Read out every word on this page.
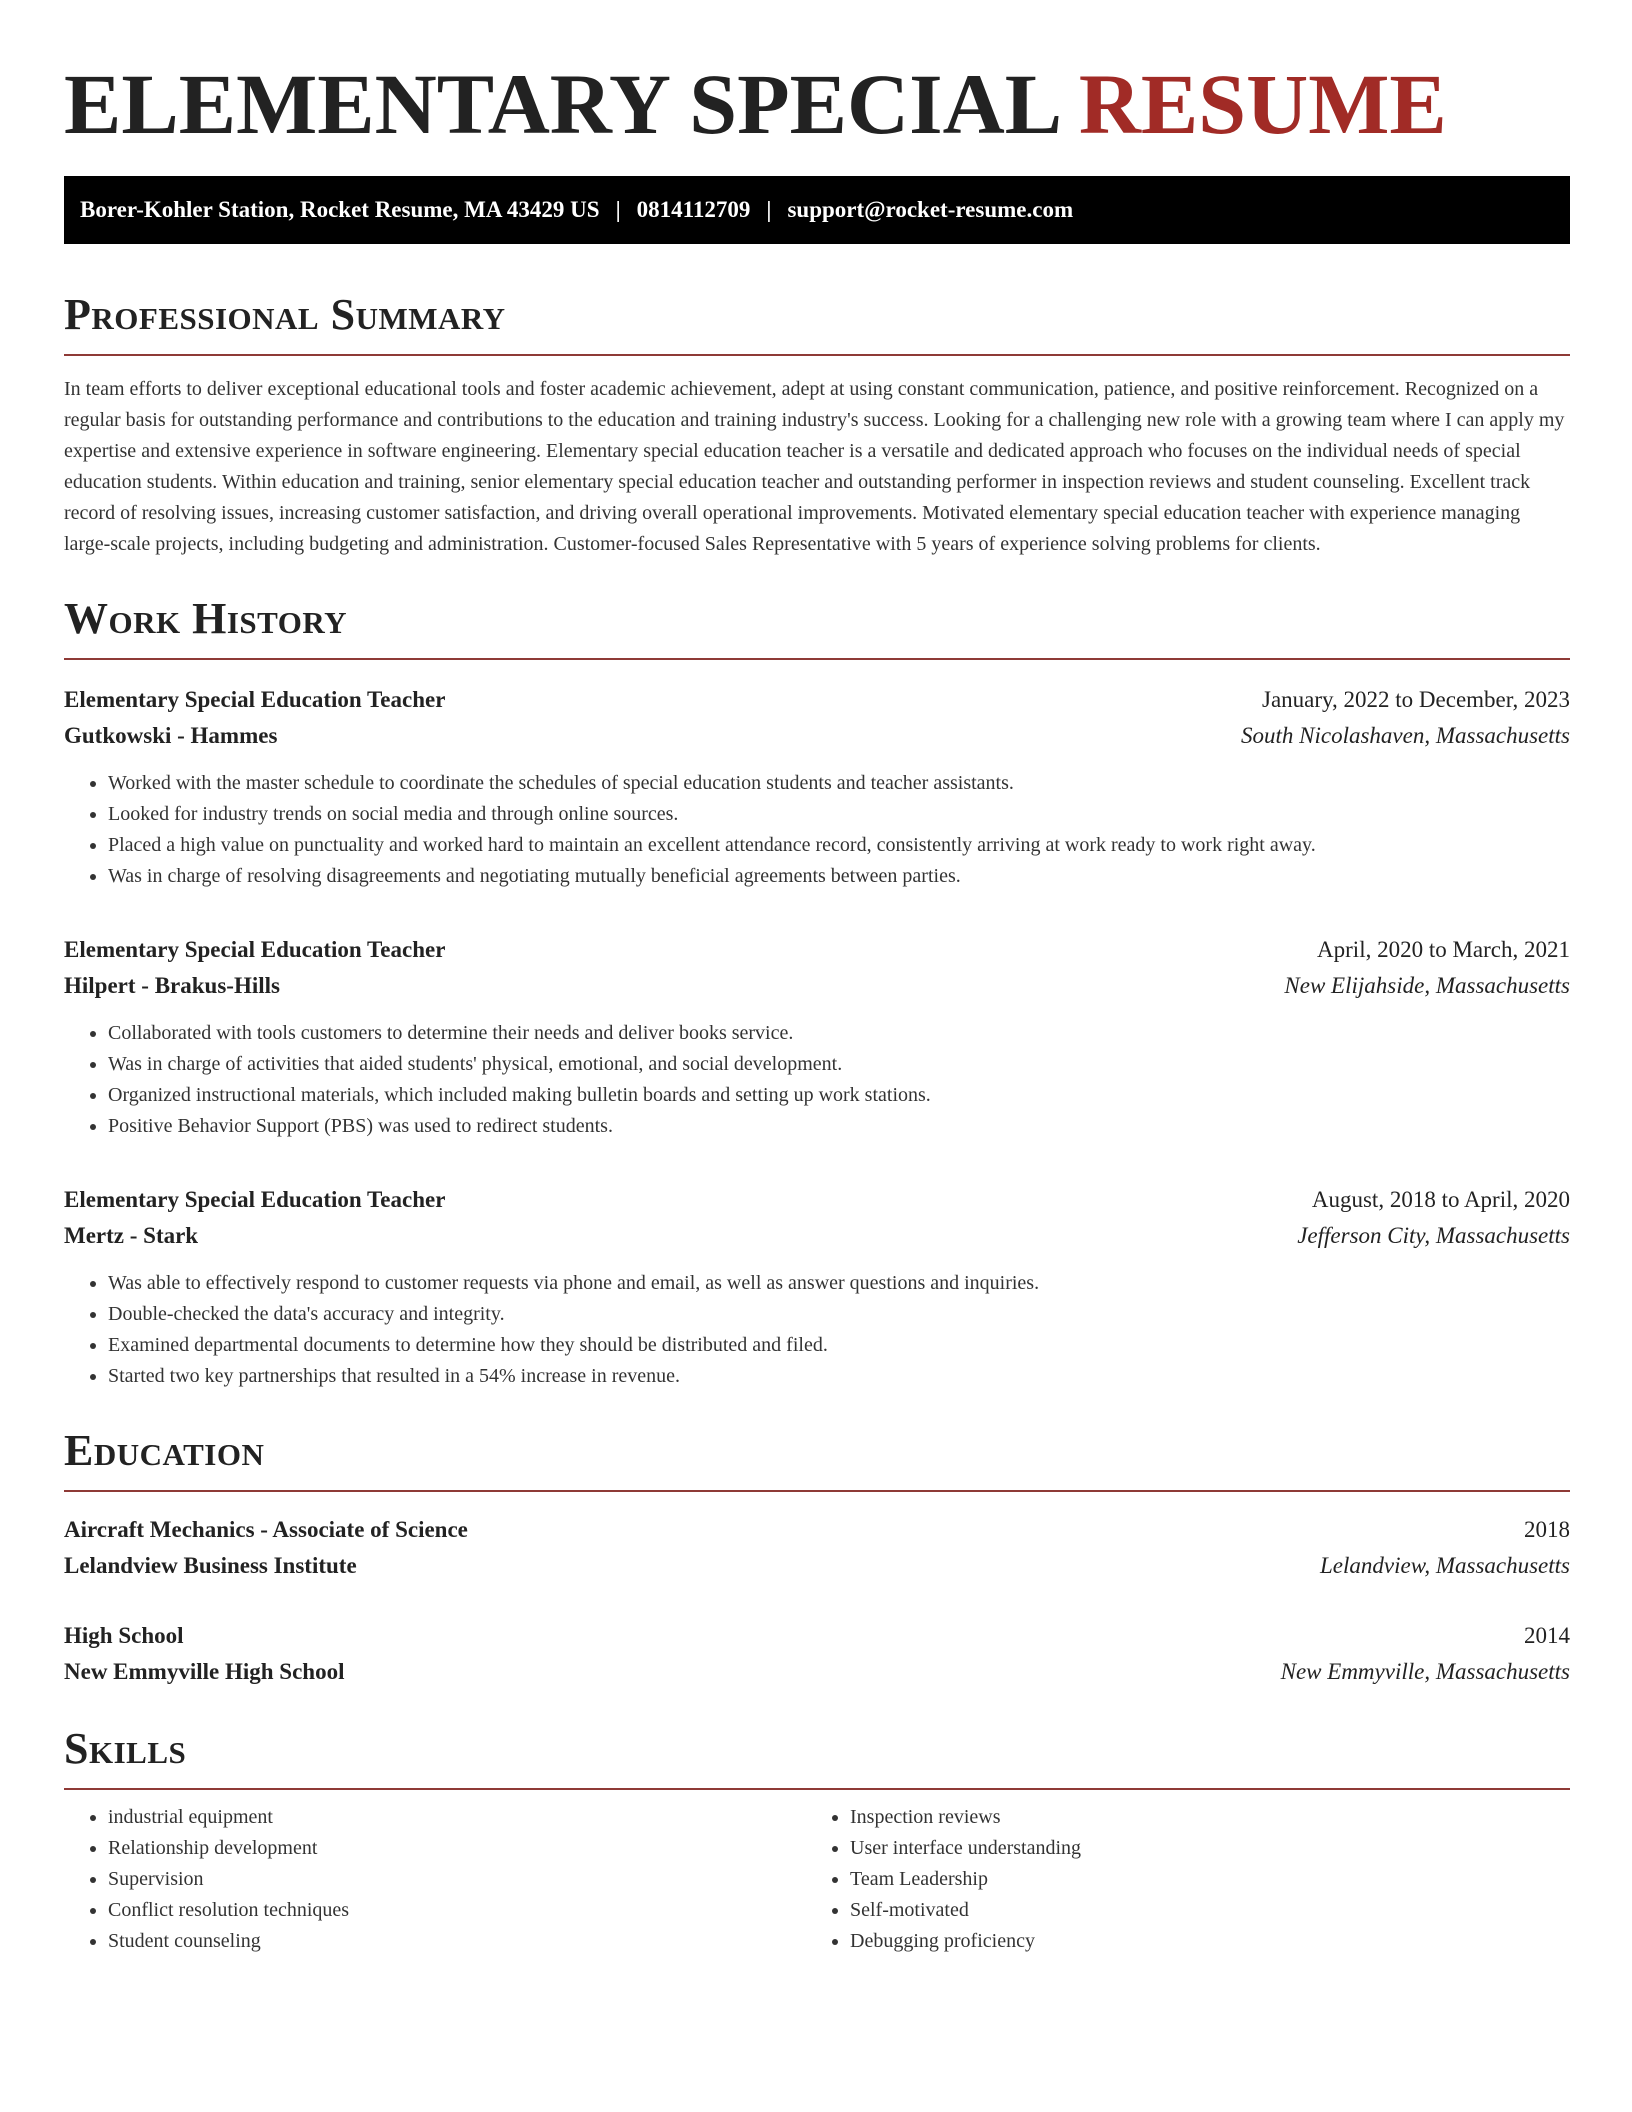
ELEMENTARY SPECIAL RESUME
Borer-Kohler Station, Rocket Resume, MA 43429 US | 0814112709 | support@rocket-resume.com
Professional Summary

In team efforts to deliver exceptional educational tools and foster academic achievement, adept at using constant communication, patience, and positive reinforcement. Recognized on a regular basis for outstanding performance and contributions to the education and training industry's success. Looking for a challenging new role with a growing team where I can apply my expertise and extensive experience in software engineering. Elementary special education teacher is a versatile and dedicated approach who focuses on the individual needs of special education students. Within education and training, senior elementary special education teacher and outstanding performer in inspection reviews and student counseling. Excellent track record of resolving issues, increasing customer satisfaction, and driving overall operational improvements. Motivated elementary special education teacher with experience managing large-scale projects, including budgeting and administration. Customer-focused Sales Representative with 5 years of experience solving problems for clients.

Work History
Elementary Special Education Teacher	January, 2022 to December, 2023
Gutkowski - Hammes	South Nicolashaven, Massachusetts
• Worked with the master schedule to coordinate the schedules of special education students and teacher assistants.
• Looked for industry trends on social media and through online sources.
• Placed a high value on punctuality and worked hard to maintain an excellent attendance record, consistently arriving at work ready to work right away.
• Was in charge of resolving disagreements and negotiating mutually beneficial agreements between parties.
Elementary Special Education Teacher	April, 2020 to March, 2021
Hilpert - Brakus-Hills	New Elijahside, Massachusetts
• Collaborated with tools customers to determine their needs and deliver books service.
• Was in charge of activities that aided students' physical, emotional, and social development.
• Organized instructional materials, which included making bulletin boards and setting up work stations.
• Positive Behavior Support (PBS) was used to redirect students.
Elementary Special Education Teacher	August, 2018 to April, 2020
Mertz - Stark	Jefferson City, Massachusetts
• Was able to effectively respond to customer requests via phone and email, as well as answer questions and inquiries.
• Double-checked the data's accuracy and integrity.
• Examined departmental documents to determine how they should be distributed and filed.
• Started two key partnerships that resulted in a 54% increase in revenue.
Education
Aircraft Mechanics - Associate of Science	2018
Lelandview Business Institute	Lelandview, Massachusetts
High School	2014
New Emmyville High School	New Emmyville, Massachusetts
Skills
• industrial equipment
• Relationship development
• Supervision
• Conflict resolution techniques
• Student counseling
• Inspection reviews
• User interface understanding
• Team Leadership
• Self-motivated
• Debugging proficiency
